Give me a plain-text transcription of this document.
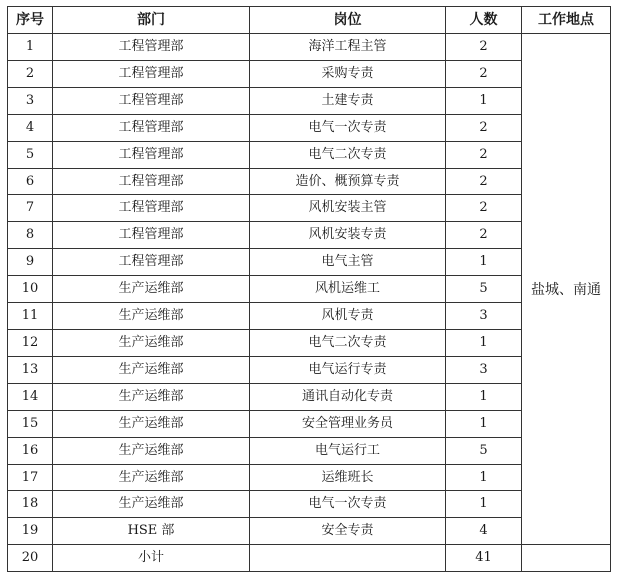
序号	部门	岗位	人数	工作地点
1	工程管理部	海洋工程主管	2	盐城、南通
2	工程管理部	采购专责	2	
3	工程管理部	土建专责	1	
4	工程管理部	电气一次专责	2	
5	工程管理部	电气二次专责	2	
6	工程管理部	造价、概预算专责	2	
7	工程管理部	风机安装主管	2	
8	工程管理部	风机安装专责	2	
9	工程管理部	电气主管	1	
10	生产运维部	风机运维工	5	
11	生产运维部	风机专责	3	
12	生产运维部	电气二次专责	1	
13	生产运维部	电气运行专责	3	
14	生产运维部	通讯自动化专责	1	
15	生产运维部	安全管理业务员	1	
16	生产运维部	电气运行工	5	
17	生产运维部	运维班长	1	
18	生产运维部	电气一次专责	1	
19	HSE 部	安全专责	4	
20	小计		41	
